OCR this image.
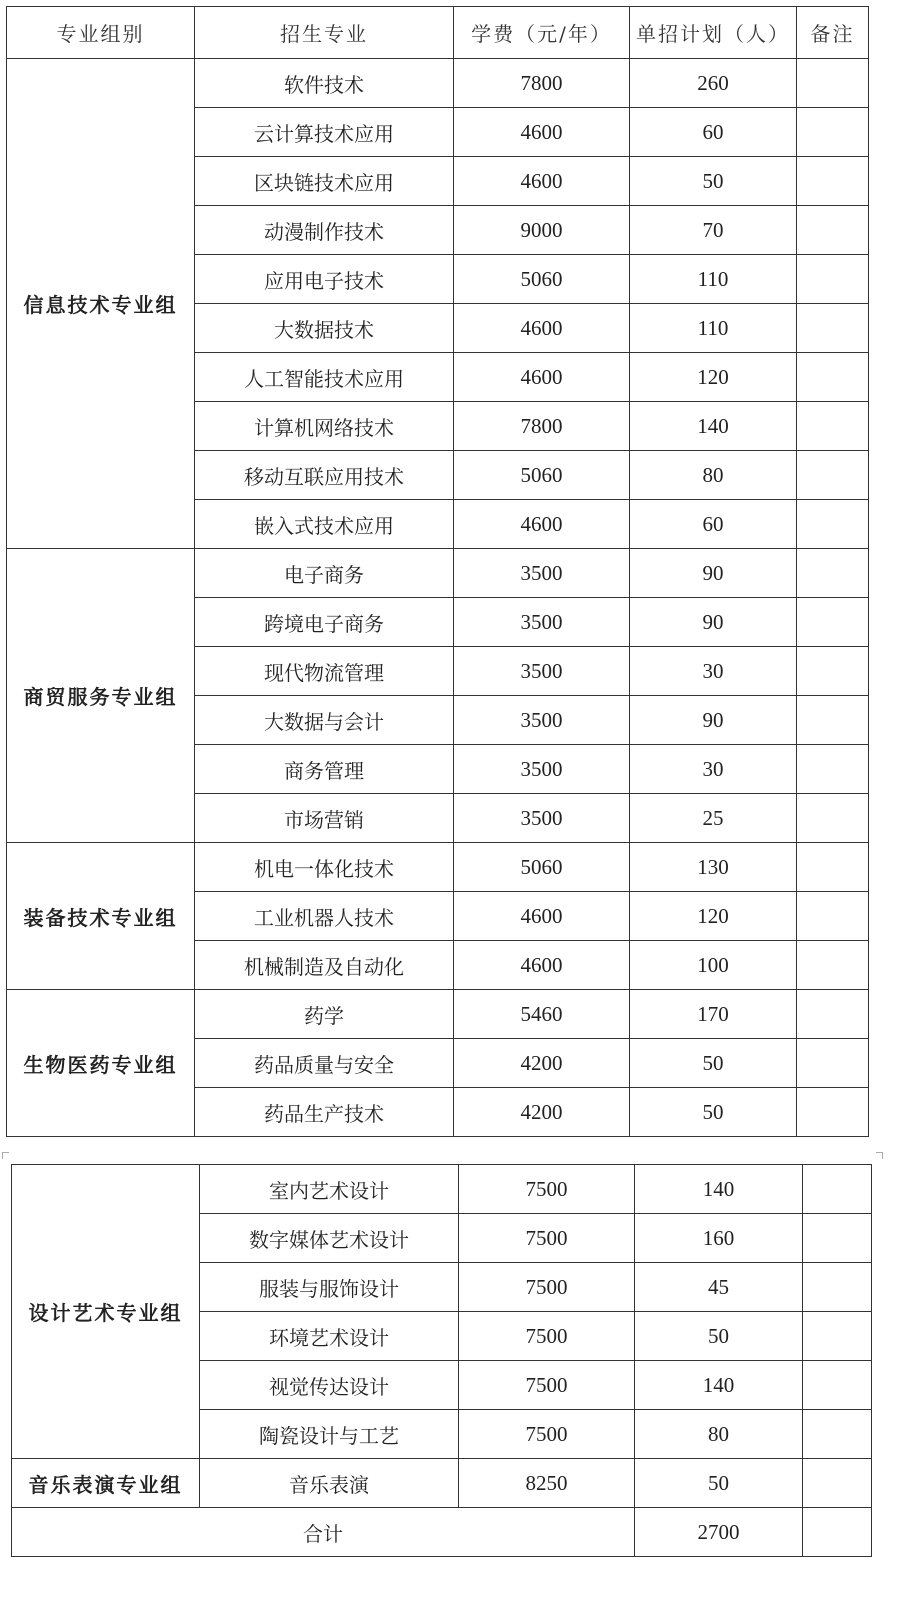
专业组别	招生专业	学费（元/年）	单招计划（人）	备注
信息技术专业组	软件技术	7800	260	
	云计算技术应用	4600	60	
	区块链技术应用	4600	50	
	动漫制作技术	9000	70	
	应用电子技术	5060	110	
	大数据技术	4600	110	
	人工智能技术应用	4600	120	
	计算机网络技术	7800	140	
	移动互联应用技术	5060	80	
	嵌入式技术应用	4600	60	
商贸服务专业组	电子商务	3500	90	
	跨境电子商务	3500	90	
	现代物流管理	3500	30	
	大数据与会计	3500	90	
	商务管理	3500	30	
	市场营销	3500	25	
装备技术专业组	机电一体化技术	5060	130	
	工业机器人技术	4600	120	
	机械制造及自动化	4600	100	
生物医药专业组	药学	5460	170	
	药品质量与安全	4200	50	
	药品生产技术	4200	50	
设计艺术专业组	室内艺术设计	7500	140	
	数字媒体艺术设计	7500	160	
	服装与服饰设计	7500	45	
	环境艺术设计	7500	50	
	视觉传达设计	7500	140	
	陶瓷设计与工艺	7500	80	
音乐表演专业组	音乐表演	8250	50	
合计			2700	
